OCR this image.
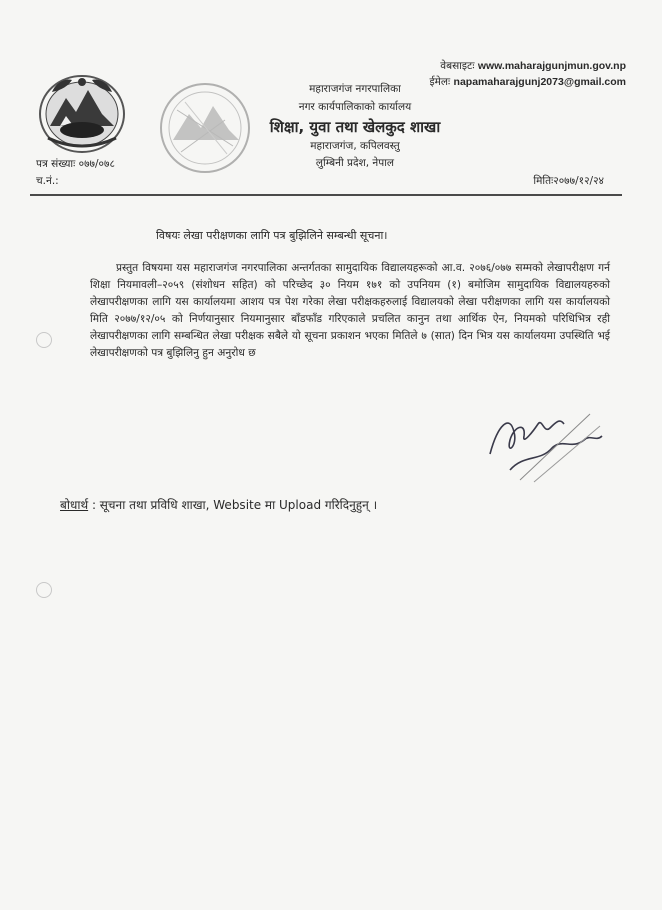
वेबसाइटः www.maharajgunjmun.gov.np
ईमेलः napamaharajgunj2073@gmail.com
महाराजगंज नगरपालिका
नगर कार्यपालिकाको कार्यालय
शिक्षा, युवा तथा खेलकुद शाखा
महाराजगंज, कपिलवस्तु
लुम्बिनी प्रदेश, नेपाल
पत्र संख्याः ०७७/०७८
च.नं.:	मितिः२०७७/१२/२४
विषयः लेखा परीक्षणका लागि पत्र बुझिलिने सम्बन्धी सूचना।

प्रस्तुत विषयमा यस महाराजगंज नगरपालिका अन्तर्गतका सामुदायिक विद्यालयहरूको आ.व. २०७६/०७७ सम्मको लेखापरीक्षण गर्न शिक्षा नियमावली–२०५९ (संशोधन सहित) को परिच्छेद ३० नियम १७१ को उपनियम (१) बमोजिम सामुदायिक विद्यालयहरुको लेखापरीक्षणका लागि यस कार्यालयमा आशय पत्र पेश गरेका लेखा परीक्षकहरुलाई विद्यालयको लेखा परीक्षणका लागि यस कार्यालयको मिति २०७७/१२/०५ को निर्णयानुसार नियमानुसार बाँडफाँड गरिएकाले प्रचलित कानुन तथा आर्थिक ऐन, नियमको परिधिभित्र रही लेखापरीक्षणका लागि सम्बन्धित लेखा परीक्षक सबैले यो सूचना प्रकाशन भएका मितिले ७ (सात) दिन भित्र यस कार्यालयमा उपस्थिति भई लेखापरीक्षणको पत्र बुझिलिनु हुन अनुरोध छ

बोधार्थ : सूचना तथा प्रविधि शाखा, Website मा Upload गरिदिनुहुन् ।
